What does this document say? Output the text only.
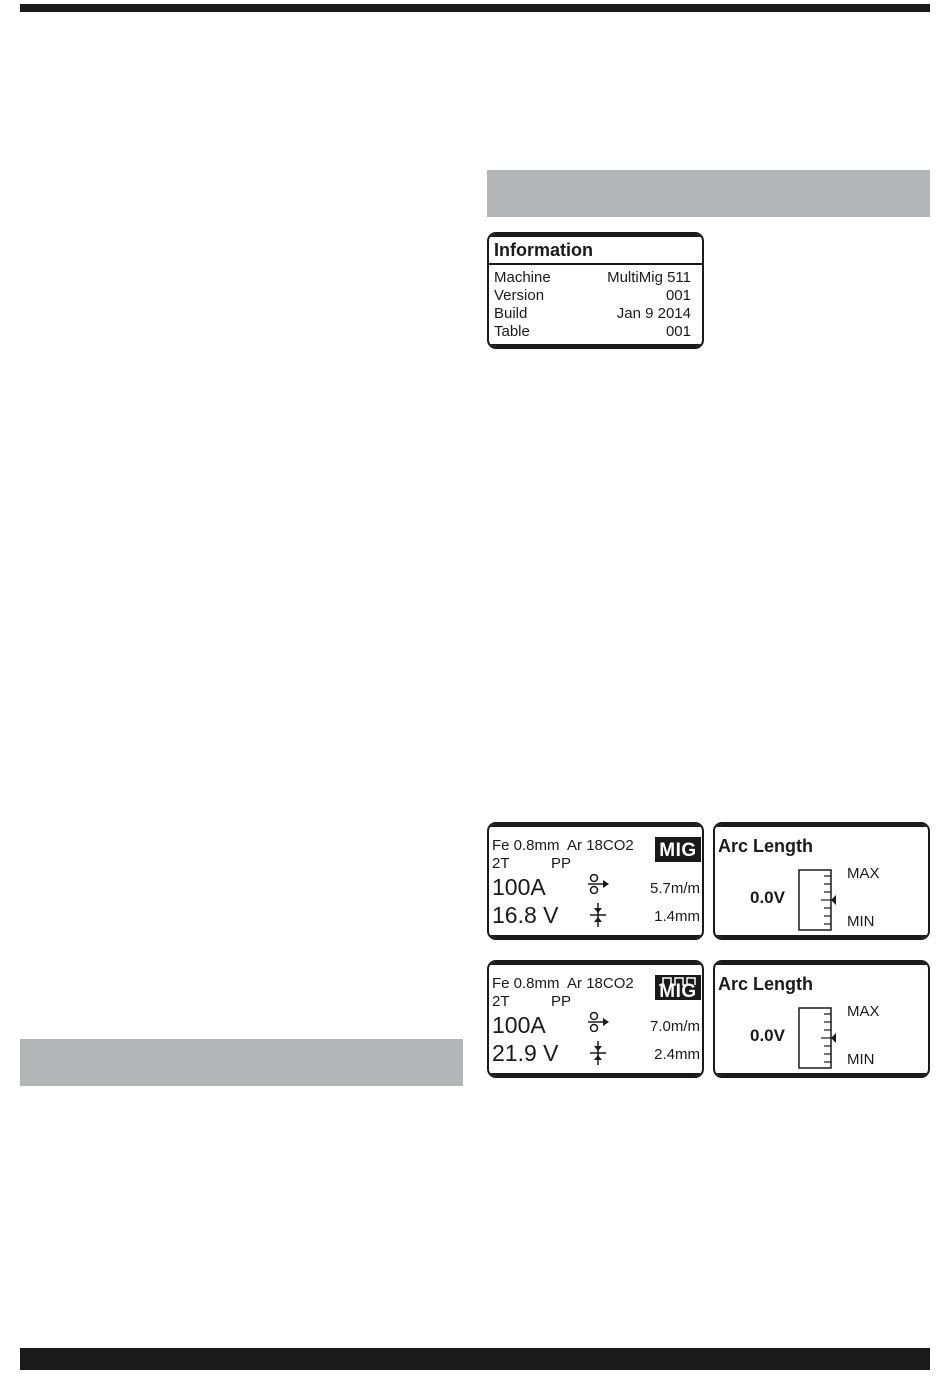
Information
Machine	MultiMig 511
Version	001
Build	Jan 9 2014
Table	001
Fe 0.8mm Ar 18CO2 MIG
2T	PP
100A
16.8 V
5.7m/m
1.4mm
Arc Length
0.0V
MAX
MIN
Fe 0.8mm Ar 18CO2 MIG
2T	PP
100A
21.9 V
7.0m/m
2.4mm
Arc Length
0.0V
MAX
MIN
